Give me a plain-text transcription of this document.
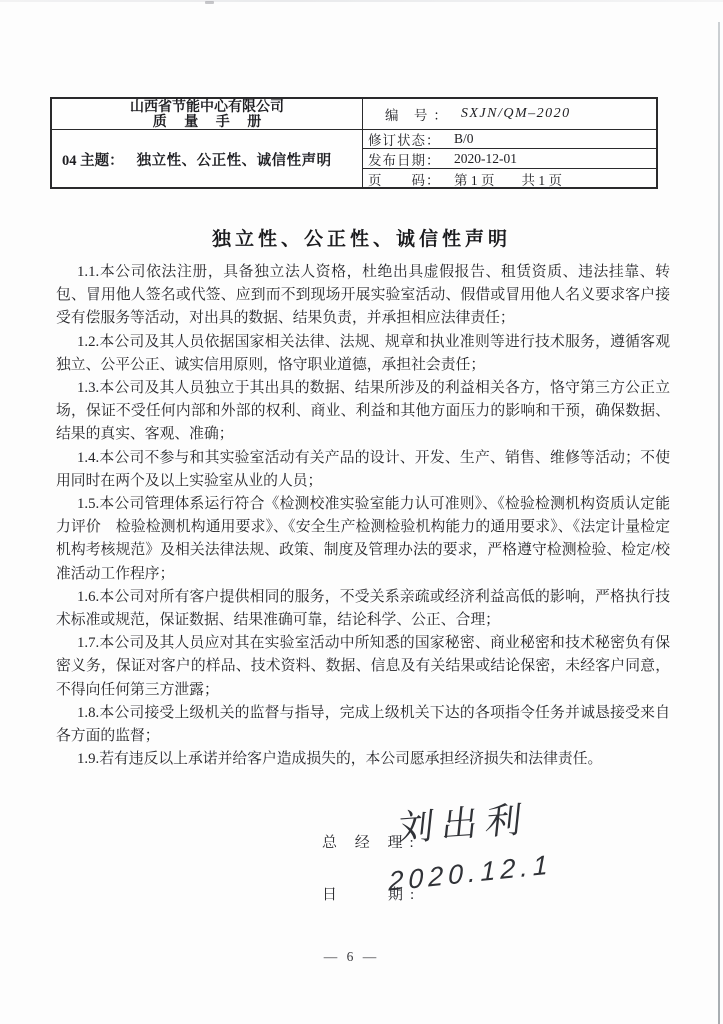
山西省节能中心有限公司
质 量 手 册	编 号： SXJN/QM–2020
04 主题： 独立性、公正性、诚信性声明
修订状态：	B/0
发布日期：	2020-12-01
页　　码：	第 1 页　　共 1 页
独立性、公正性、诚信性声明

1.1.本公司依法注册，具备独立法人资格，杜绝出具虚假报告、租赁资质、违法挂靠、转包、冒用他人签名或代签、应到而不到现场开展实验室活动、假借或冒用他人名义要求客户接受有偿服务等活动，对出具的数据、结果负责，并承担相应法律责任；

1.2.本公司及其人员依据国家相关法律、法规、规章和执业准则等进行技术服务，遵循客观独立、公平公正、诚实信用原则，恪守职业道德，承担社会责任；

1.3.本公司及其人员独立于其出具的数据、结果所涉及的利益相关各方，恪守第三方公正立场，保证不受任何内部和外部的权利、商业、利益和其他方面压力的影响和干预，确保数据、结果的真实、客观、准确；

1.4.本公司不参与和其实验室活动有关产品的设计、开发、生产、销售、维修等活动；不使用同时在两个及以上实验室从业的人员；

1.5.本公司管理体系运行符合《检测校准实验室能力认可准则》、《检验检测机构资质认定能力评价　检验检测机构通用要求》、《安全生产检测检验机构能力的通用要求》、《法定计量检定机构考核规范》及相关法律法规、政策、制度及管理办法的要求，严格遵守检测检验、检定/校准活动工作程序；

1.6.本公司对所有客户提供相同的服务，不受关系亲疏或经济利益高低的影响，严格执行技术标准或规范，保证数据、结果准确可靠，结论科学、公正、合理；

1.7.本公司及其人员应对其在实验室活动中所知悉的国家秘密、商业秘密和技术秘密负有保密义务，保证对客户的样品、技术资料、数据、信息及有关结果或结论保密，未经客户同意，不得向任何第三方泄露；

1.8.本公司接受上级机关的监督与指导，完成上级机关下达的各项指令任务并诚恳接受来自各方面的监督；

1.9.若有违反以上承诺并给客户造成损失的，本公司愿承担经济损失和法律责任。

总 经 理:
刘出利
日　　期:
2020.12.1
— 6 —
